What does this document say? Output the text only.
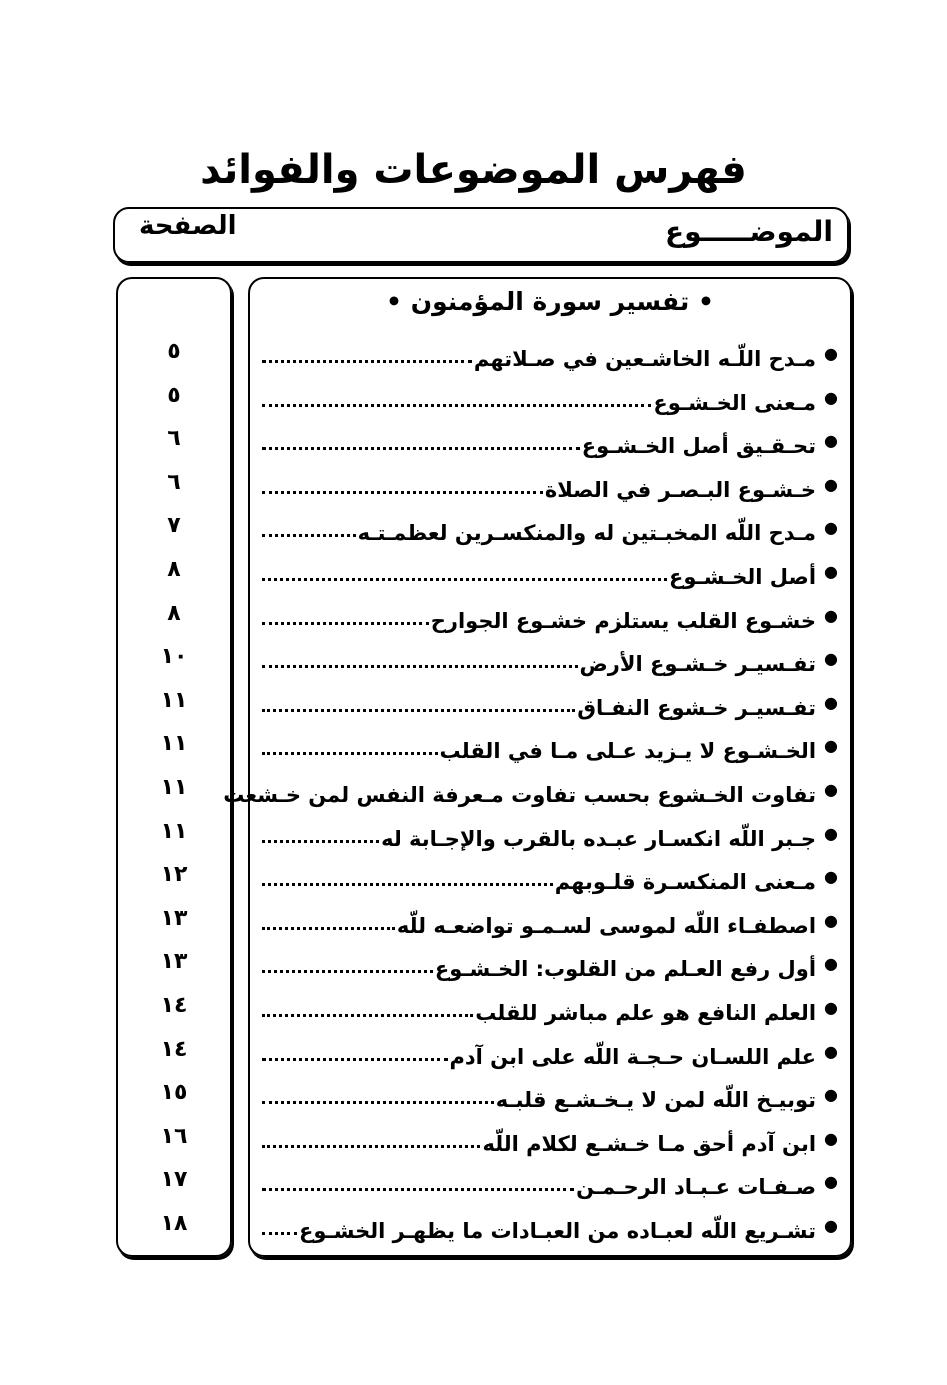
فهرس الموضوعات والفوائد
الموضـــــوع
الصفحة
• تفسير سورة المؤمنون •
●
مـدح اللّـه الخاشـعين في صـلاتهم
●
مـعنى الخـشـوع
●
تحـقـيق أصل الخـشـوع
●
خـشـوع البـصـر في الصلاة
●
مـدح اللّه المخبـتين له والمنكسـرين لعظمـتـه
●
أصل الخـشـوع
●
خشـوع القلب يستلزم خشـوع الجوارح
●
تفـسيـر خـشـوع الأرض
●
تفـسيـر خـشوع النفـاق
●
الخـشـوع لا يـزيد عـلى مـا في القلب
●
تفاوت الخـشوع بحسب تفاوت مـعرفة النفس لمن خـشعت
●
جـبر اللّه انكسـار عبـده بالقرب والإجـابة له
●
مـعنى المنكسـرة قلـوبهم
●
اصطفـاء اللّه لموسى لسـمـو تواضعـه للّه
●
أول رفع العـلم من القلوب: الخـشـوع
●
العلم النافع هو علم مباشر للقلب
●
علم اللسـان حـجـة اللّه على ابن آدم
●
توبيـخ اللّه لمن لا يـخـشـع قلبـه
●
ابن آدم أحق مـا خـشـع لكلام اللّه
●
صـفـات عـبـاد الرحـمـن
●
تشـريع اللّه لعبـاده من العبـادات ما يظهـر الخشـوع
٥
٥
٦
٦
٧
٨
٨
١٠
١١
١١
١١
١١
١٢
١٣
١٣
١٤
١٤
١٥
١٦
١٧
١٨
